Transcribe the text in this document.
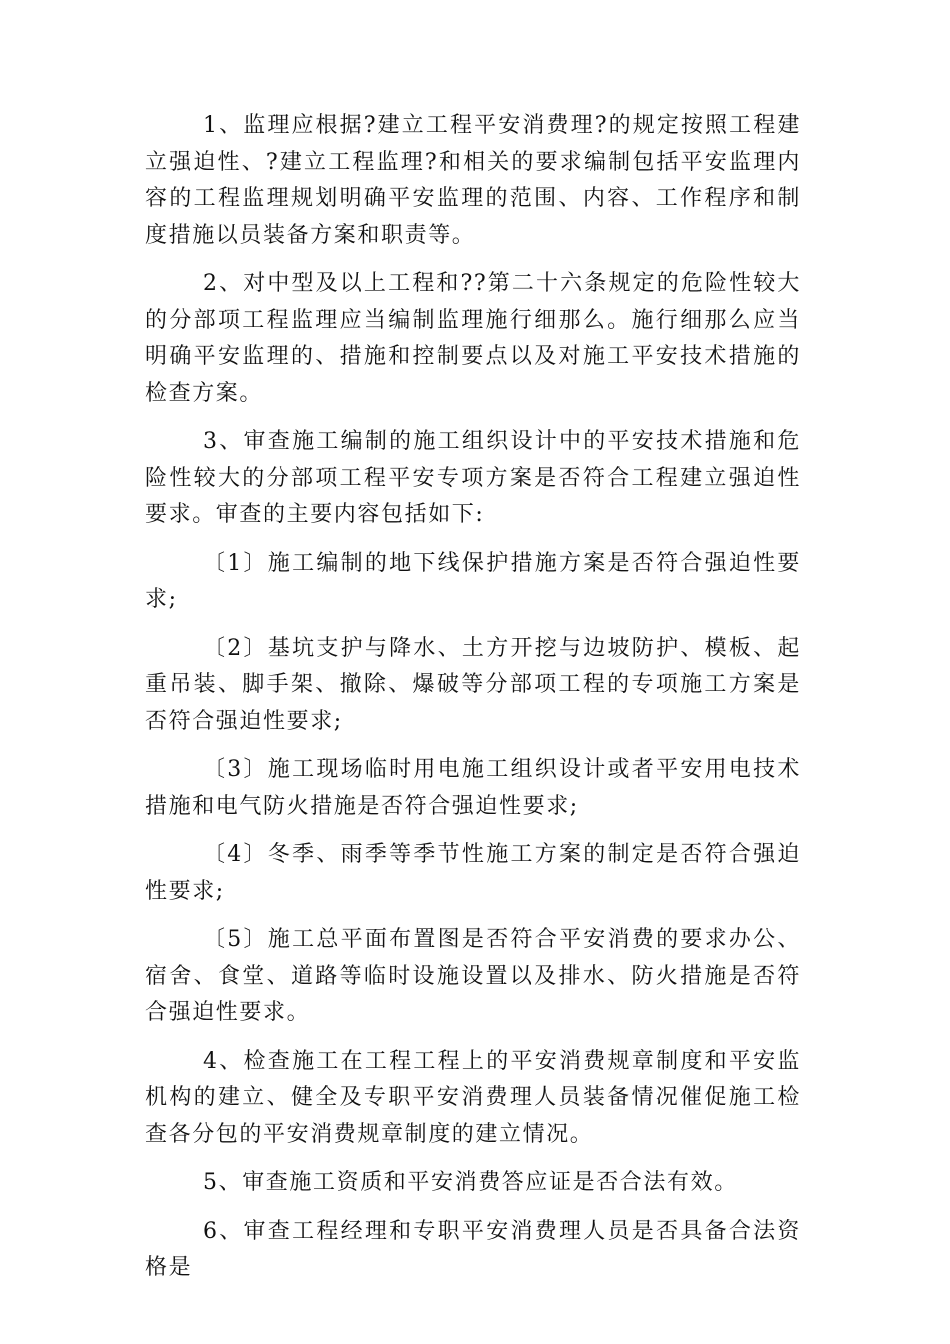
1、监理应根据?建立工程平安消费理?的规定按照工程建立强迫性、?建立工程监理?和相关的要求编制包括平安监理内容的工程监理规划明确平安监理的范围、内容、工作程序和制度措施以员装备方案和职责等。

2、对中型及以上工程和??第二十六条规定的危险性较大的分部项工程监理应当编制监理施行细那么。施行细那么应当明确平安监理的、措施和控制要点以及对施工平安技术措施的检查方案。

3、审查施工编制的施工组织设计中的平安技术措施和危险性较大的分部项工程平安专项方案是否符合工程建立强迫性要求。审查的主要内容包括如下:

〔1〕施工编制的地下线保护措施方案是否符合强迫性要求;

〔2〕基坑支护与降水、土方开挖与边坡防护、模板、起重吊装、脚手架、撤除、爆破等分部项工程的专项施工方案是否符合强迫性要求;

〔3〕施工现场临时用电施工组织设计或者平安用电技术措施和电气防火措施是否符合强迫性要求;

〔4〕冬季、雨季等季节性施工方案的制定是否符合强迫性要求;

〔5〕施工总平面布置图是否符合平安消费的要求办公、宿舍、食堂、道路等临时设施设置以及排水、防火措施是否符合强迫性要求。

4、检查施工在工程工程上的平安消费规章制度和平安监机构的建立、健全及专职平安消费理人员装备情况催促施工检查各分包的平安消费规章制度的建立情况。

5、审查施工资质和平安消费答应证是否合法有效。

6、审查工程经理和专职平安消费理人员是否具备合法资格是
